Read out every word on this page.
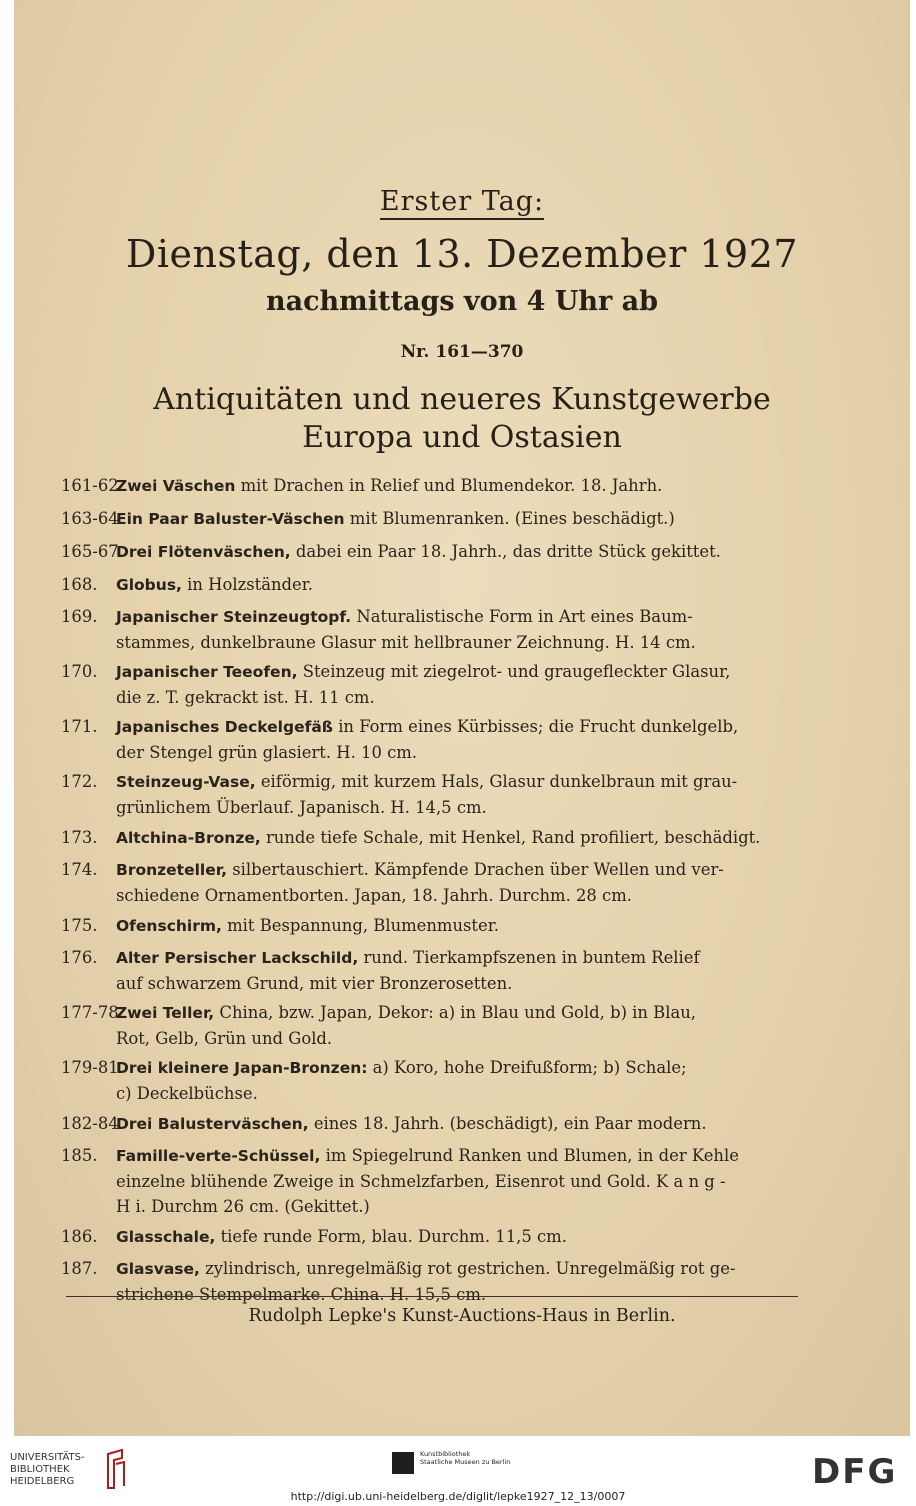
Erster Tag:
Dienstag, den 13. Dezember 1927
nachmittags von 4 Uhr ab
Nr. 161—370
Antiquitäten und neueres Kunstgewerbe
Europa und Ostasien
161-62.
Zwei Väschen mit Drachen in Relief und Blumendekor. 18. Jahrh.
163-64.
Ein Paar Baluster-Väschen mit Blumenranken. (Eines beschädigt.)
165-67.
Drei Flötenväschen, dabei ein Paar 18. Jahrh., das dritte Stück gekittet.
168. Globus, in Holzständer.
169. Japanischer Steinzeugtopf. Naturalistische Form in Art eines Baum-
stammes, dunkelbraune Glasur mit hellbrauner Zeichnung. H. 14 cm.
170. Japanischer Teeofen, Steinzeug mit ziegelrot- und graugefleckter Glasur,
die z. T. gekrackt ist. H. 11 cm.
171. Japanisches Deckelgefäß in Form eines Kürbisses; die Frucht dunkelgelb,
der Stengel grün glasiert. H. 10 cm.
172. Steinzeug-Vase, eiförmig, mit kurzem Hals, Glasur dunkelbraun mit grau-
grünlichem Überlauf. Japanisch. H. 14,5 cm.
173. Altchina-Bronze, runde tiefe Schale, mit Henkel, Rand profiliert, beschädigt.
174. Bronzeteller, silbertauschiert. Kämpfende Drachen über Wellen und ver-
schiedene Ornamentborten. Japan, 18. Jahrh. Durchm. 28 cm.
175. Ofenschirm, mit Bespannung, Blumenmuster.
176. Alter Persischer Lackschild, rund. Tierkampfszenen in buntem Relief
auf schwarzem Grund, mit vier Bronzerosetten.
177-78.
Zwei Teller, China, bzw. Japan, Dekor: a) in Blau und Gold, b) in Blau,
Rot, Gelb, Grün und Gold.
179-81.
Drei kleinere Japan-Bronzen: a) Koro, hohe Dreifußform; b) Schale;
c) Deckelbüchse.
182-84.
Drei Balusterväschen, eines 18. Jahrh. (beschädigt), ein Paar modern.
185. Famille-verte-Schüssel, im Spiegelrund Ranken und Blumen, in der Kehle
einzelne blühende Zweige in Schmelzfarben, Eisenrot und Gold. K a n g -
H i. Durchm 26 cm. (Gekittet.)
186. Glasschale, tiefe runde Form, blau. Durchm. 11,5 cm.
187. Glasvase, zylindrisch, unregelmäßig rot gestrichen. Unregelmäßig rot ge-
strichene Stempelmarke. China. H. 15,5 cm.
Rudolph Lepke's Kunst-Auctions-Haus in Berlin.
UNIVERSITÄTS-
BIBLIOTHEK
HEIDELBERG
Kunstbibliothek
Staatliche Museen zu Berlin	DFG
http://digi.ub.uni-heidelberg.de/diglit/lepke1927_12_13/0007
